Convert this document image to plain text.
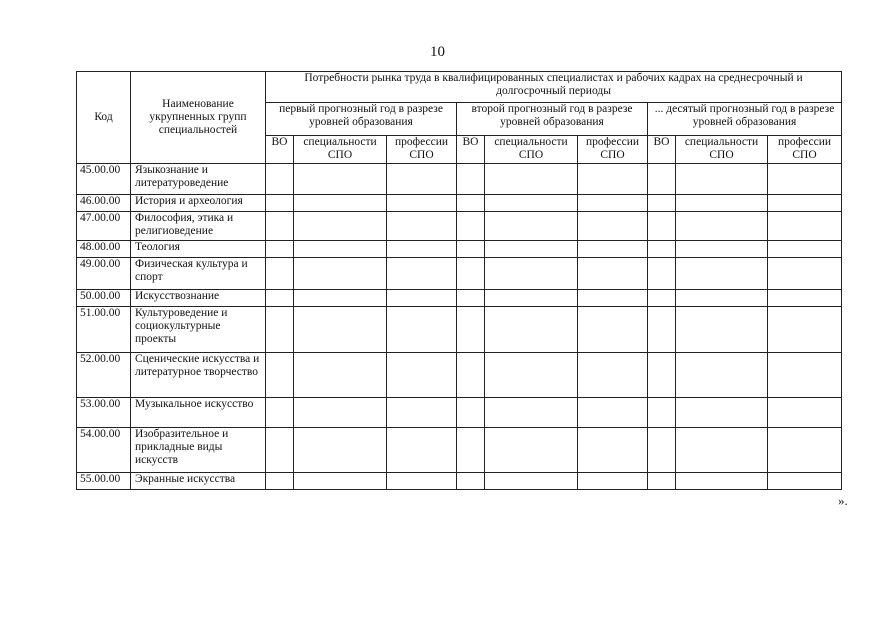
10
Код	Наименование укрупненных групп специальностей	Потребности рынка труда в квалифицированных специалистах и рабочих кадрах на среднесрочный и долгосрочный периоды								
		первый прогнозный год в разрезе уровней образования			второй прогнозный год в разрезе уровней образования			... десятый прогнозный год в разрезе уровней образования		
		ВО	специальности СПО	профессии СПО	ВО	специальности СПО	профессии СПО	ВО	специальности СПО	профессии СПО
45.00.00	Языкознание и литературоведение									
46.00.00	История и археология									
47.00.00	Философия, этика и религиоведение									
48.00.00	Теология									
49.00.00	Физическая культура и спорт									
50.00.00	Искусствознание									
51.00.00	Культуроведение и социокультурные проекты									
52.00.00	Сценические искусства и литературное творчество									
53.00.00	Музыкальное искусство									
54.00.00	Изобразительное и прикладные виды искусств									
55.00.00	Экранные искусства									
».
